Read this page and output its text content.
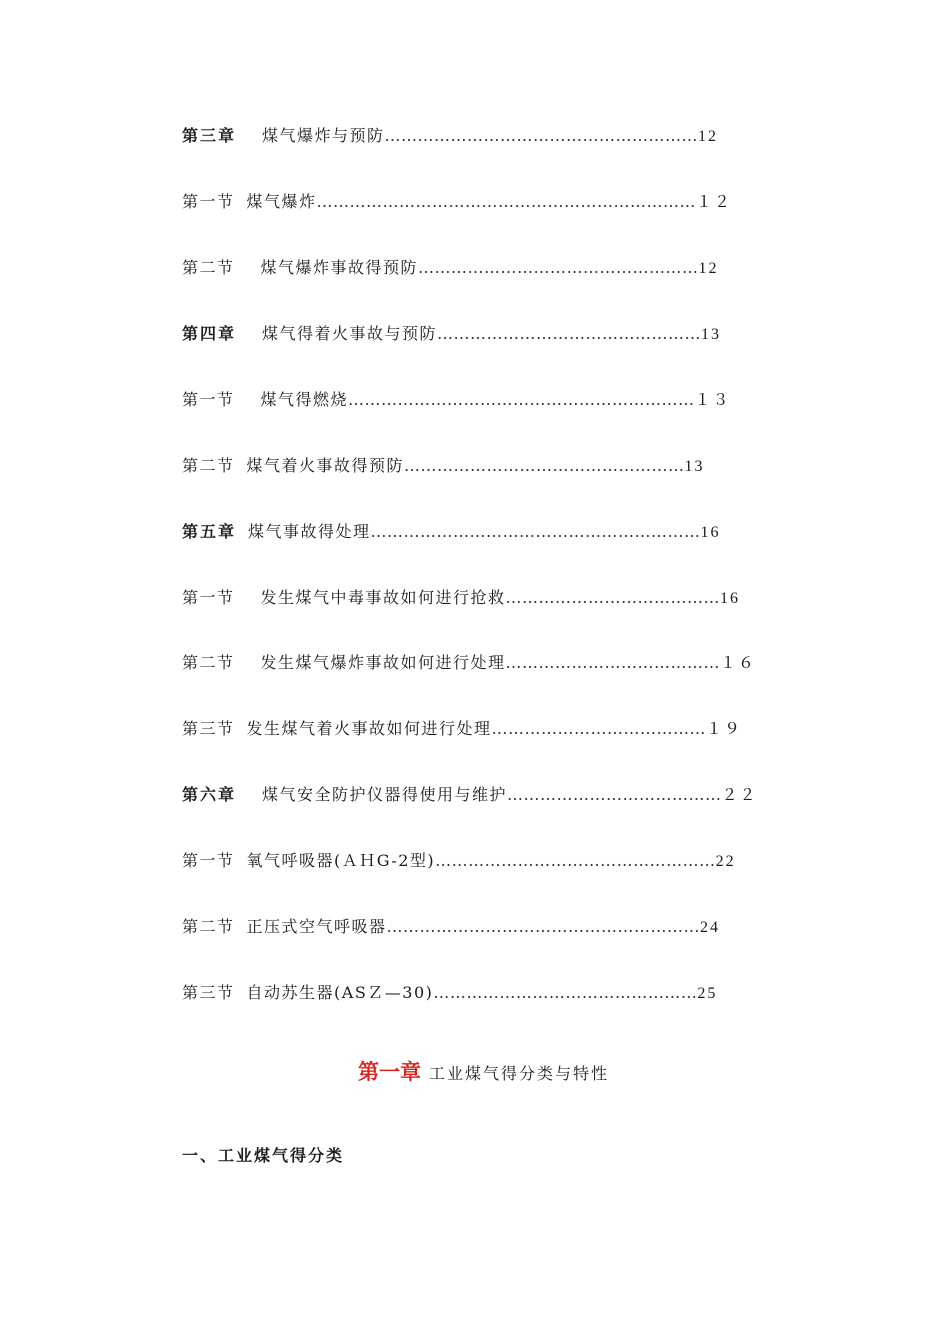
第三章 煤气爆炸与预防…………………………………………………12
第一节 煤气爆炸……………………………………………………………１２
第二节 煤气爆炸事故得预防……………………………………………12
第四章 煤气得着火事故与预防…………………………………………13
第一节 煤气得燃烧………………………………………………………１３
第二节 煤气着火事故得预防……………………………………………13
第五章 煤气事故得处理……………………………………………………16
第一节 发生煤气中毒事故如何进行抢救…………………………………16
第二节 发生煤气爆炸事故如何进行处理…………………………………１６
第三节 发生煤气着火事故如何进行处理…………………………………１９
第六章 煤气安全防护仪器得使用与维护…………………………………２２
第一节 氧气呼吸器(ＡＨG-2型)……………………………………………22
第二节 正压式空气呼吸器…………………………………………………24
第三节 自动苏生器(ASＺ—30)…………………………………………25
第一章 工业煤气得分类与特性
一、工业煤气得分类
